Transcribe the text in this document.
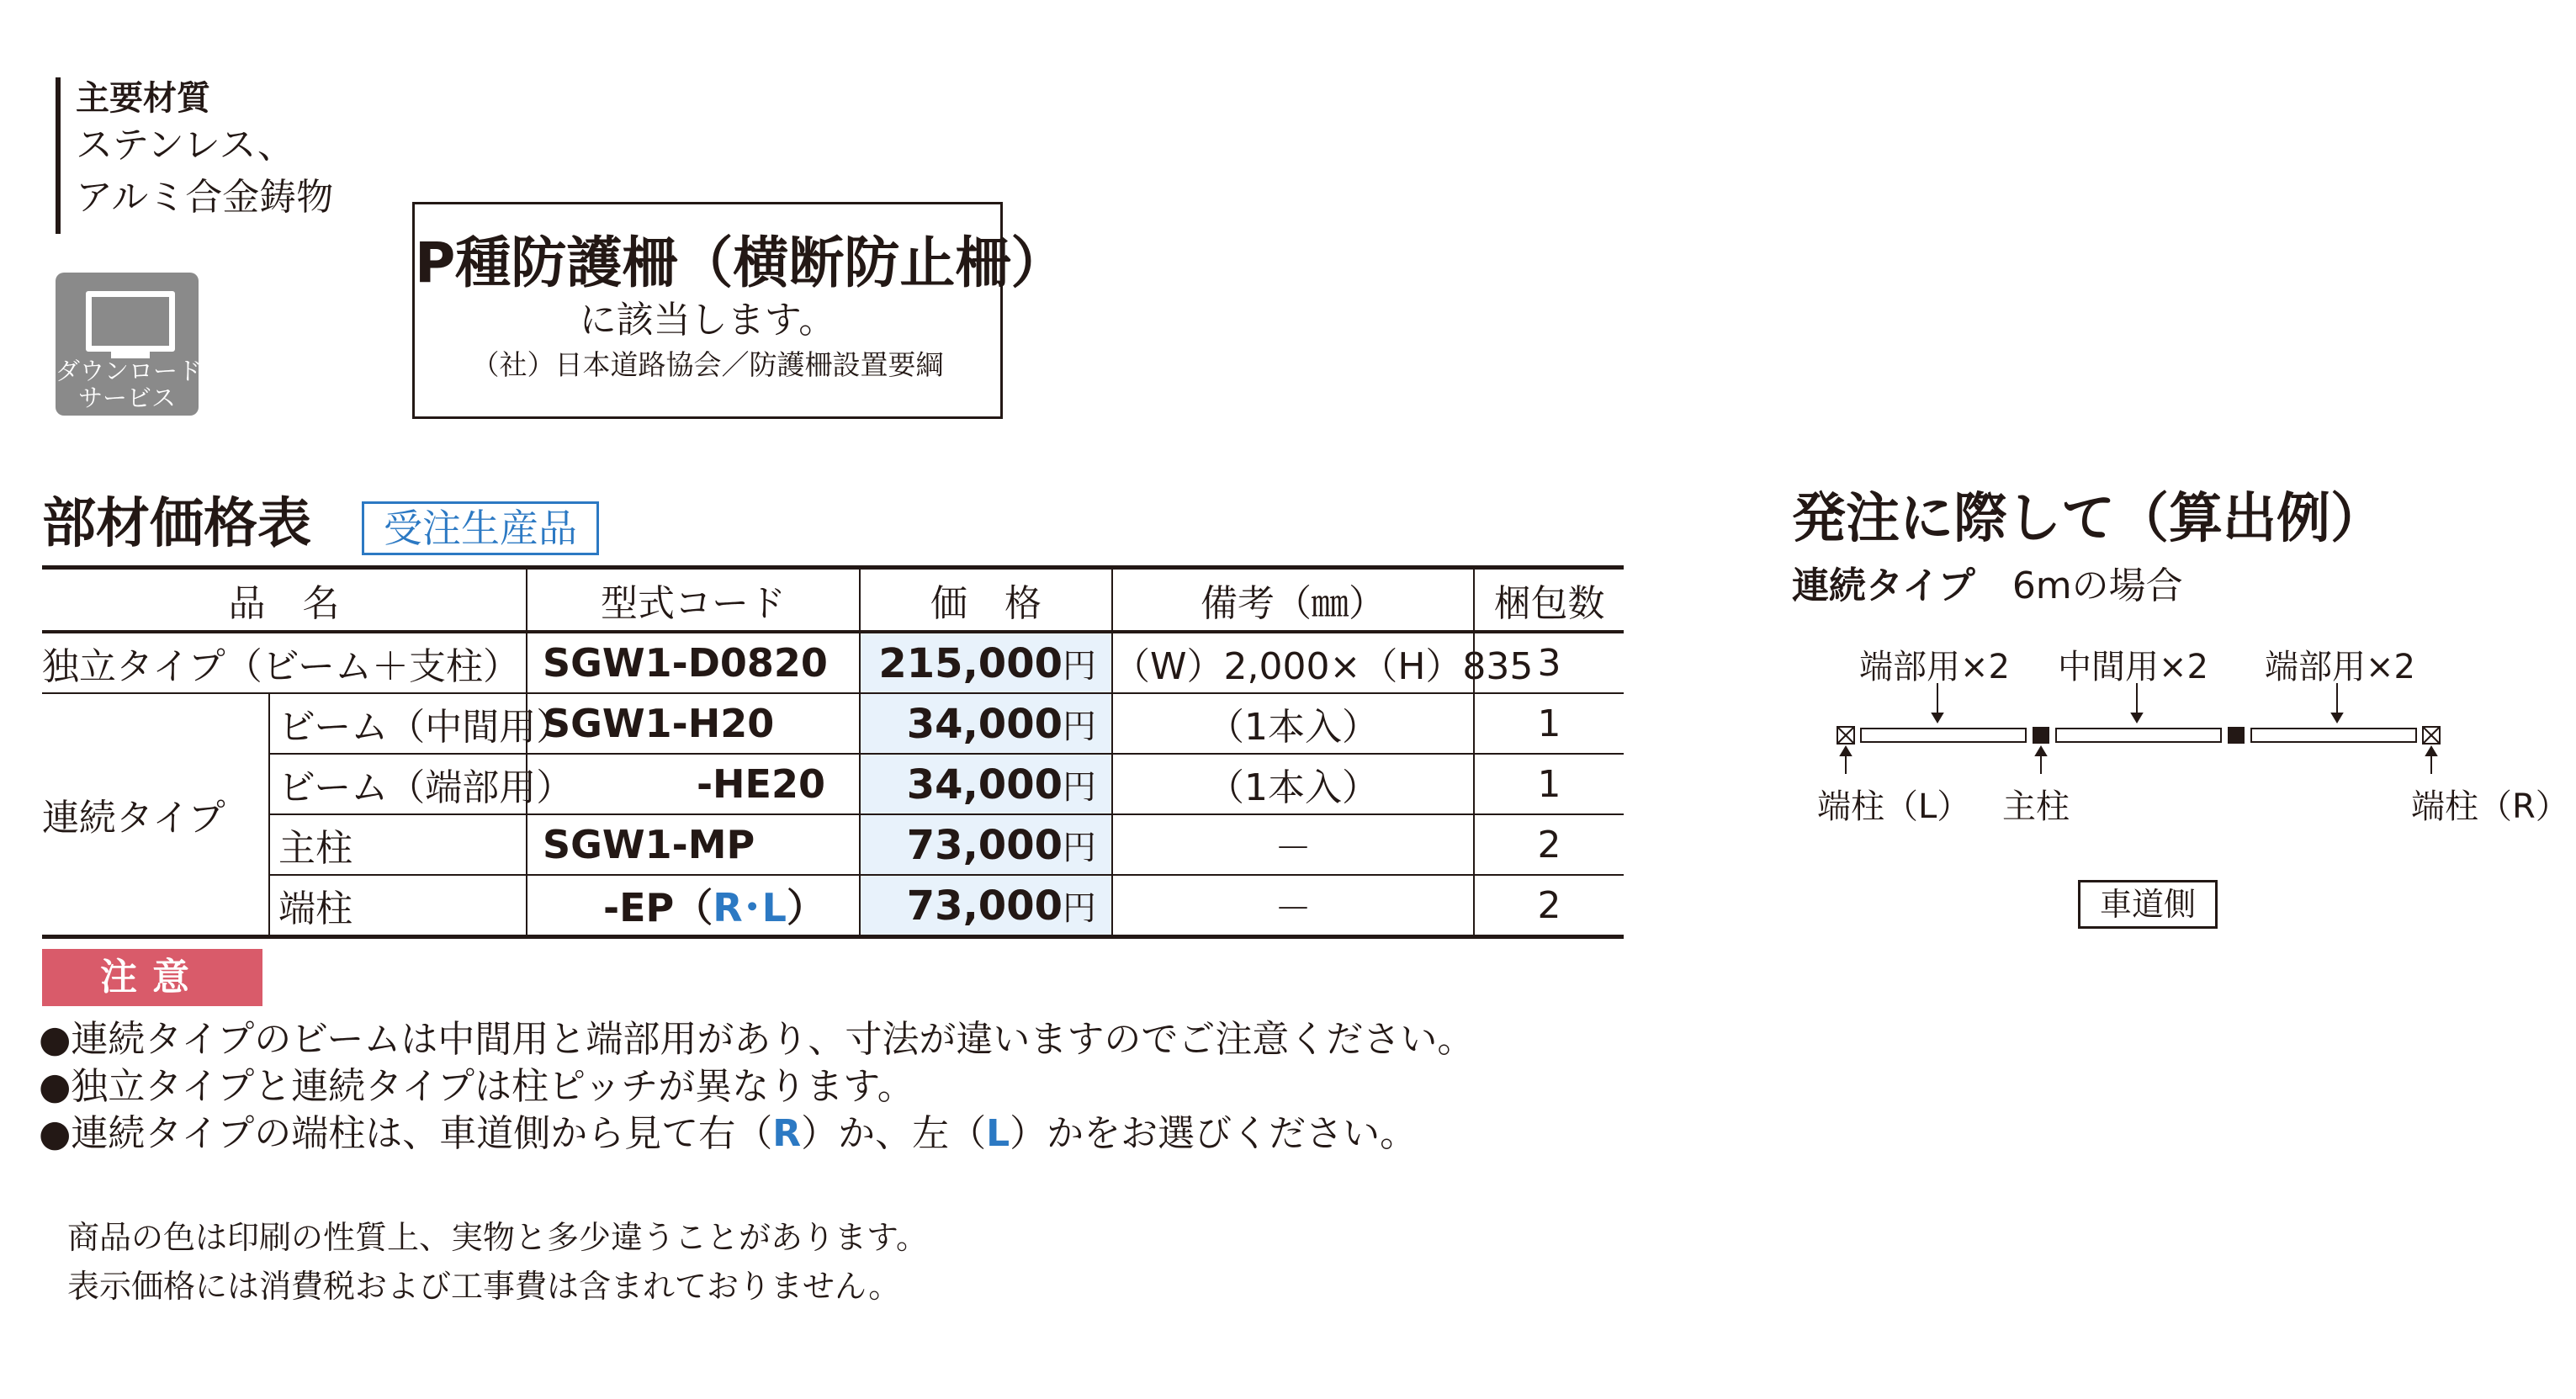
主要材質
ステンレス、
アルミ合金鋳物
ダウンロード
サービス
P種防護柵（横断防止柵）
に該当します。
（社）日本道路協会／防護柵設置要綱
部材価格表	受注生産品
品　名		型式コード	価　格	備考（㎜）	梱包数
独立タイプ（ビーム＋支柱）		SGW1-D0820	215,000円	（W）2,000×（H）835	3
連続タイプ	ビーム（中間用）	SGW1-H20	34,000円	（1本入）	1
	ビーム（端部用）	-HE20	34,000円	（1本入）	1
	主柱	SGW1-MP	73,000円	－	2
	端柱	-EP（R･L）	73,000円	－	2
注意
●連続タイプのビームは中間用と端部用があり、寸法が違いますのでご注意ください。
●独立タイプと連続タイプは柱ピッチが異なります。
●連続タイプの端柱は、車道側から見て右（R）か、左（L）かをお選びください。
商品の色は印刷の性質上、実物と多少違うことがあります。
表示価格には消費税および工事費は含まれておりません。
発注に際して（算出例）
連続タイプ 6mの場合
端部用×2 中間用×2 端部用×2
端柱（L） 主柱	端柱（R）
車道側
